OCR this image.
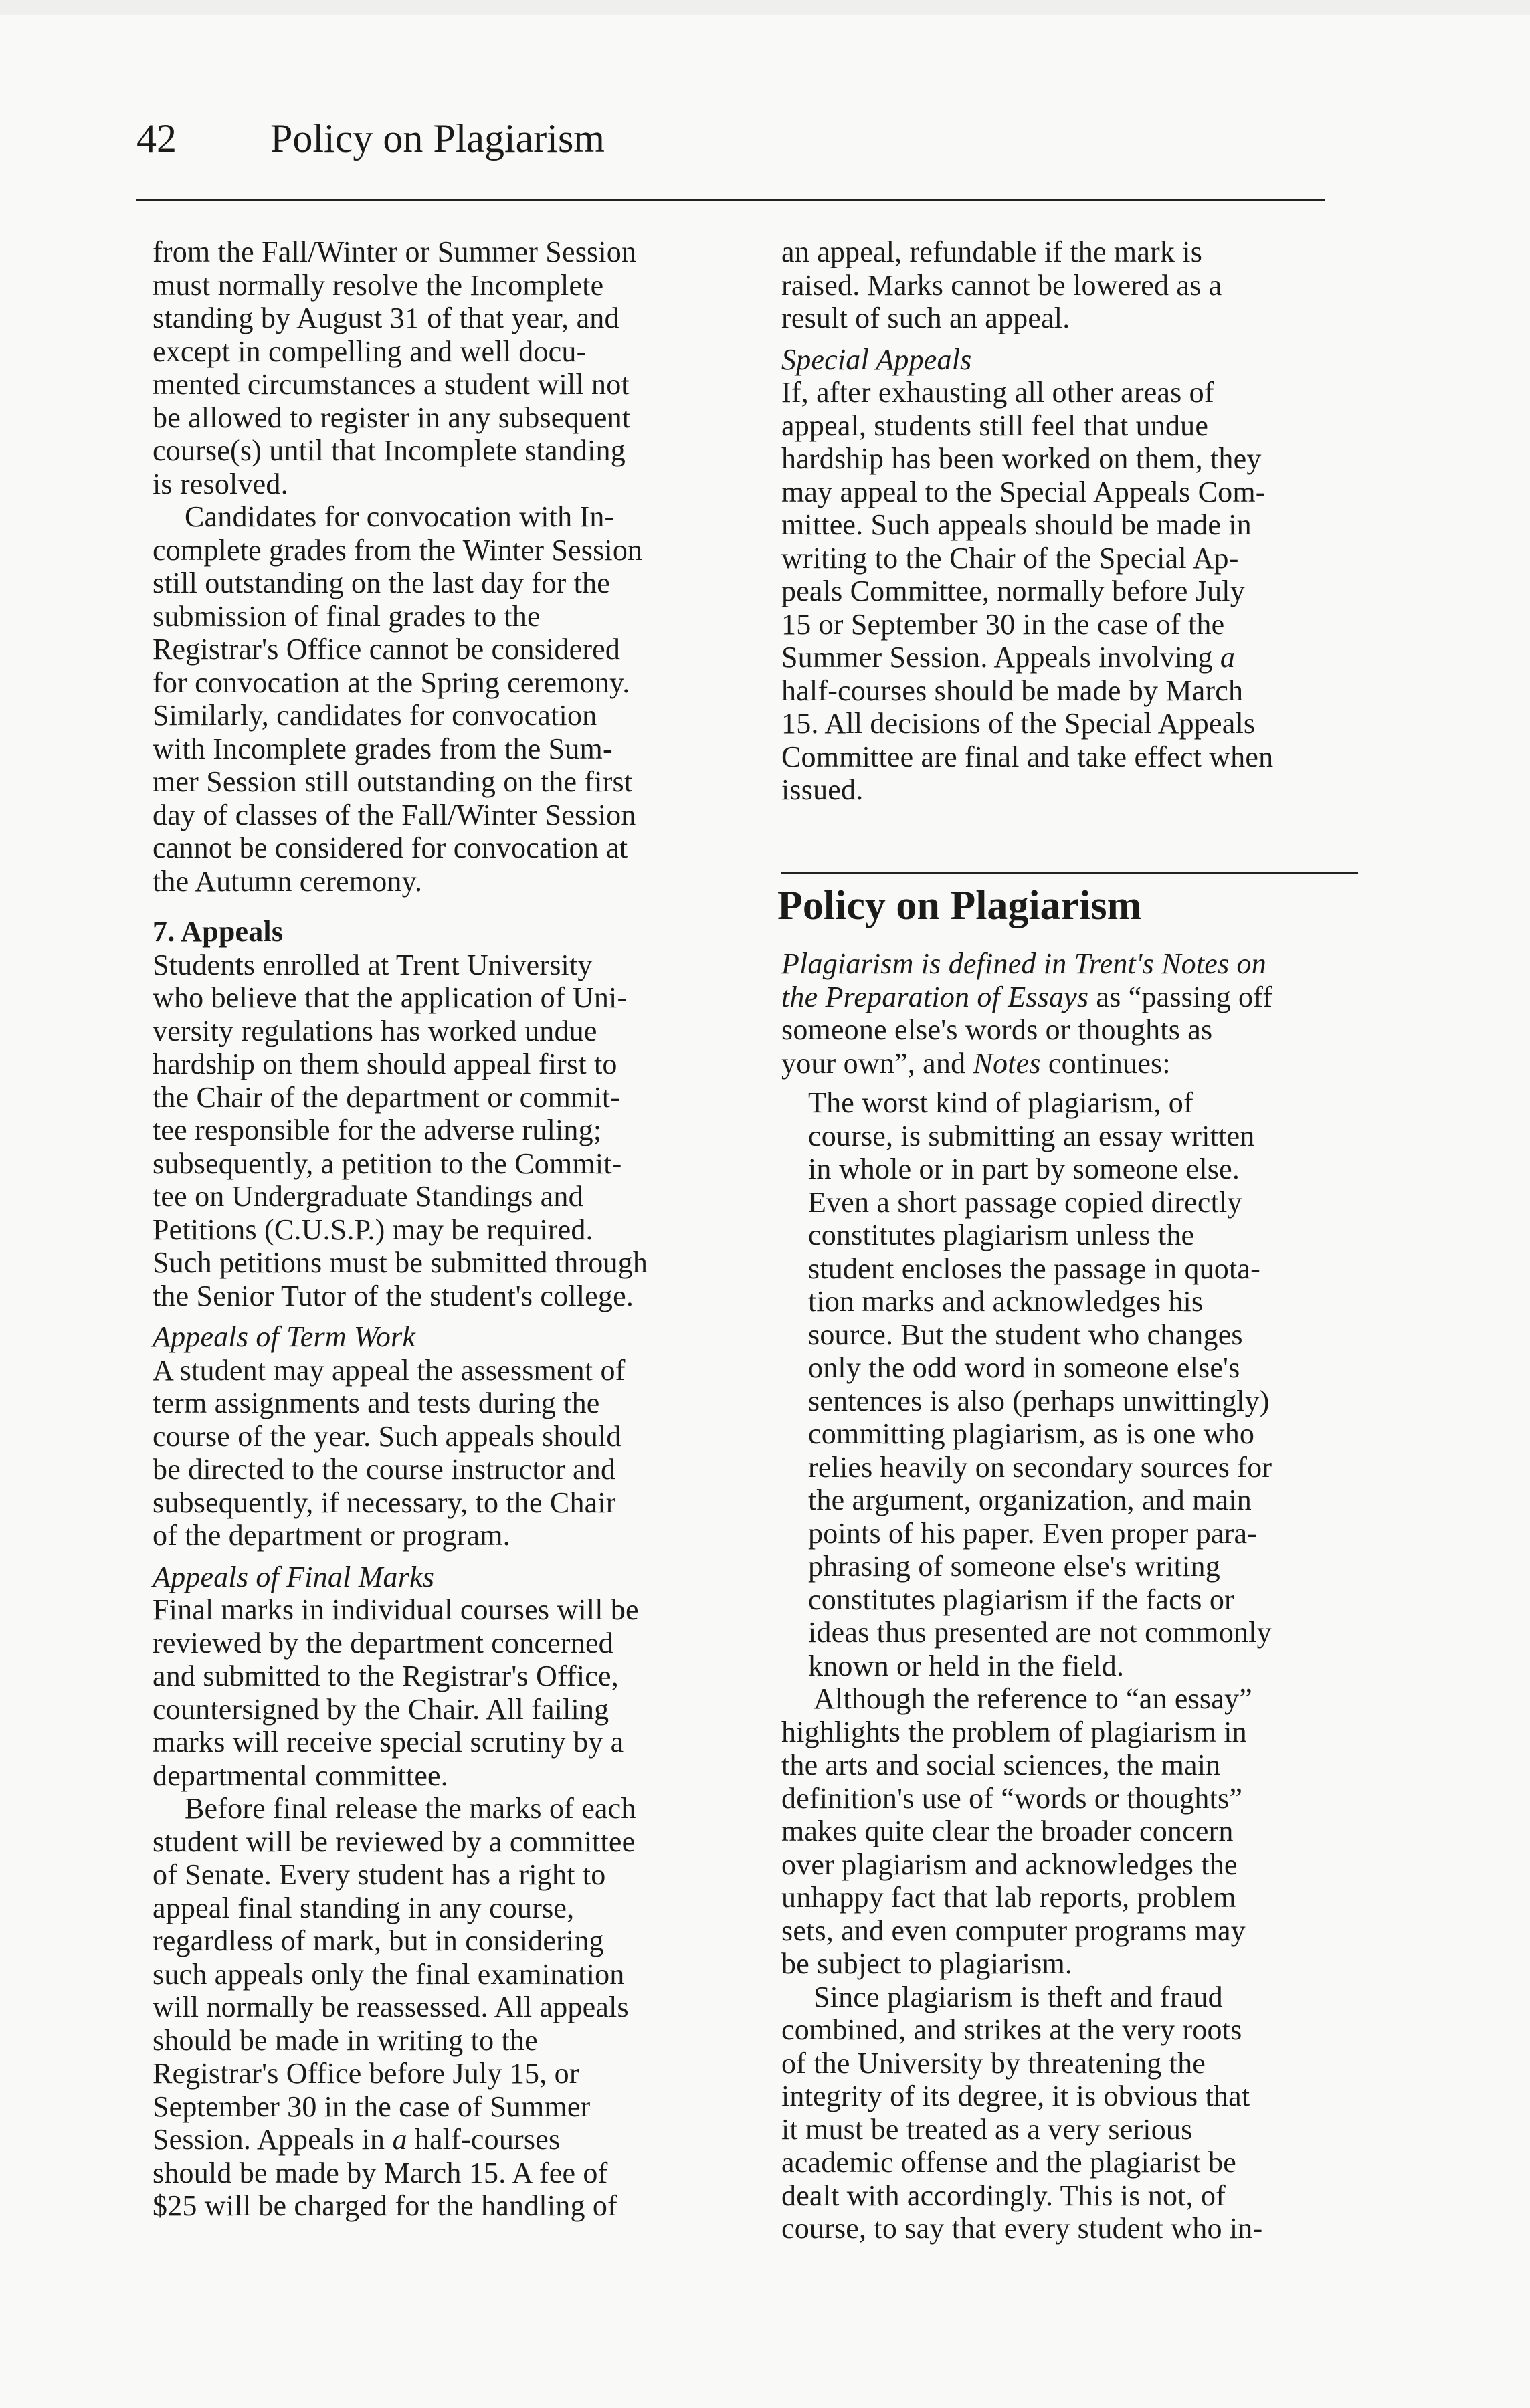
42 Policy on Plagiarism
from the Fall/Winter or Summer Session
must normally resolve the Incomplete
standing by August 31 of that year, and
except in compelling and well docu-
mented circumstances a student will not
be allowed to register in any subsequent
course(s) until that Incomplete standing
is resolved.
Candidates for convocation with In-
complete grades from the Winter Session
still outstanding on the last day for the
submission of final grades to the
Registrar's Office cannot be considered
for convocation at the Spring ceremony.
Similarly, candidates for convocation
with Incomplete grades from the Sum-
mer Session still outstanding on the first
day of classes of the Fall/Winter Session
cannot be considered for convocation at
the Autumn ceremony.
7. Appeals
Students enrolled at Trent University
who believe that the application of Uni-
versity regulations has worked undue
hardship on them should appeal first to
the Chair of the department or commit-
tee responsible for the adverse ruling;
subsequently, a petition to the Commit-
tee on Undergraduate Standings and
Petitions (C.U.S.P.) may be required.
Such petitions must be submitted through
the Senior Tutor of the student's college.
Appeals of Term Work
A student may appeal the assessment of
term assignments and tests during the
course of the year. Such appeals should
be directed to the course instructor and
subsequently, if necessary, to the Chair
of the department or program.
Appeals of Final Marks
Final marks in individual courses will be
reviewed by the department concerned
and submitted to the Registrar's Office,
countersigned by the Chair. All failing
marks will receive special scrutiny by a
departmental committee.
Before final release the marks of each
student will be reviewed by a committee
of Senate. Every student has a right to
appeal final standing in any course,
regardless of mark, but in considering
such appeals only the final examination
will normally be reassessed. All appeals
should be made in writing to the
Registrar's Office before July 15, or
September 30 in the case of Summer
Session. Appeals in a half-courses
should be made by March 15. A fee of
$25 will be charged for the handling of
an appeal, refundable if the mark is
raised. Marks cannot be lowered as a
result of such an appeal.
Special Appeals
If, after exhausting all other areas of
appeal, students still feel that undue
hardship has been worked on them, they
may appeal to the Special Appeals Com-
mittee. Such appeals should be made in
writing to the Chair of the Special Ap-
peals Committee, normally before July
15 or September 30 in the case of the
Summer Session. Appeals involving a
half-courses should be made by March
15. All decisions of the Special Appeals
Committee are final and take effect when
issued.
Policy on Plagiarism
Plagiarism is defined in Trent's Notes on
the Preparation of Essays as “passing off
someone else's words or thoughts as
your own”, and Notes continues:
The worst kind of plagiarism, of
course, is submitting an essay written
in whole or in part by someone else.
Even a short passage copied directly
constitutes plagiarism unless the
student encloses the passage in quota-
tion marks and acknowledges his
source. But the student who changes
only the odd word in someone else's
sentences is also (perhaps unwittingly)
committing plagiarism, as is one who
relies heavily on secondary sources for
the argument, organization, and main
points of his paper. Even proper para-
phrasing of someone else's writing
constitutes plagiarism if the facts or
ideas thus presented are not commonly
known or held in the field.
Although the reference to “an essay”
highlights the problem of plagiarism in
the arts and social sciences, the main
definition's use of “words or thoughts”
makes quite clear the broader concern
over plagiarism and acknowledges the
unhappy fact that lab reports, problem
sets, and even computer programs may
be subject to plagiarism.
Since plagiarism is theft and fraud
combined, and strikes at the very roots
of the University by threatening the
integrity of its degree, it is obvious that
it must be treated as a very serious
academic offense and the plagiarist be
dealt with accordingly. This is not, of
course, to say that every student who in-
